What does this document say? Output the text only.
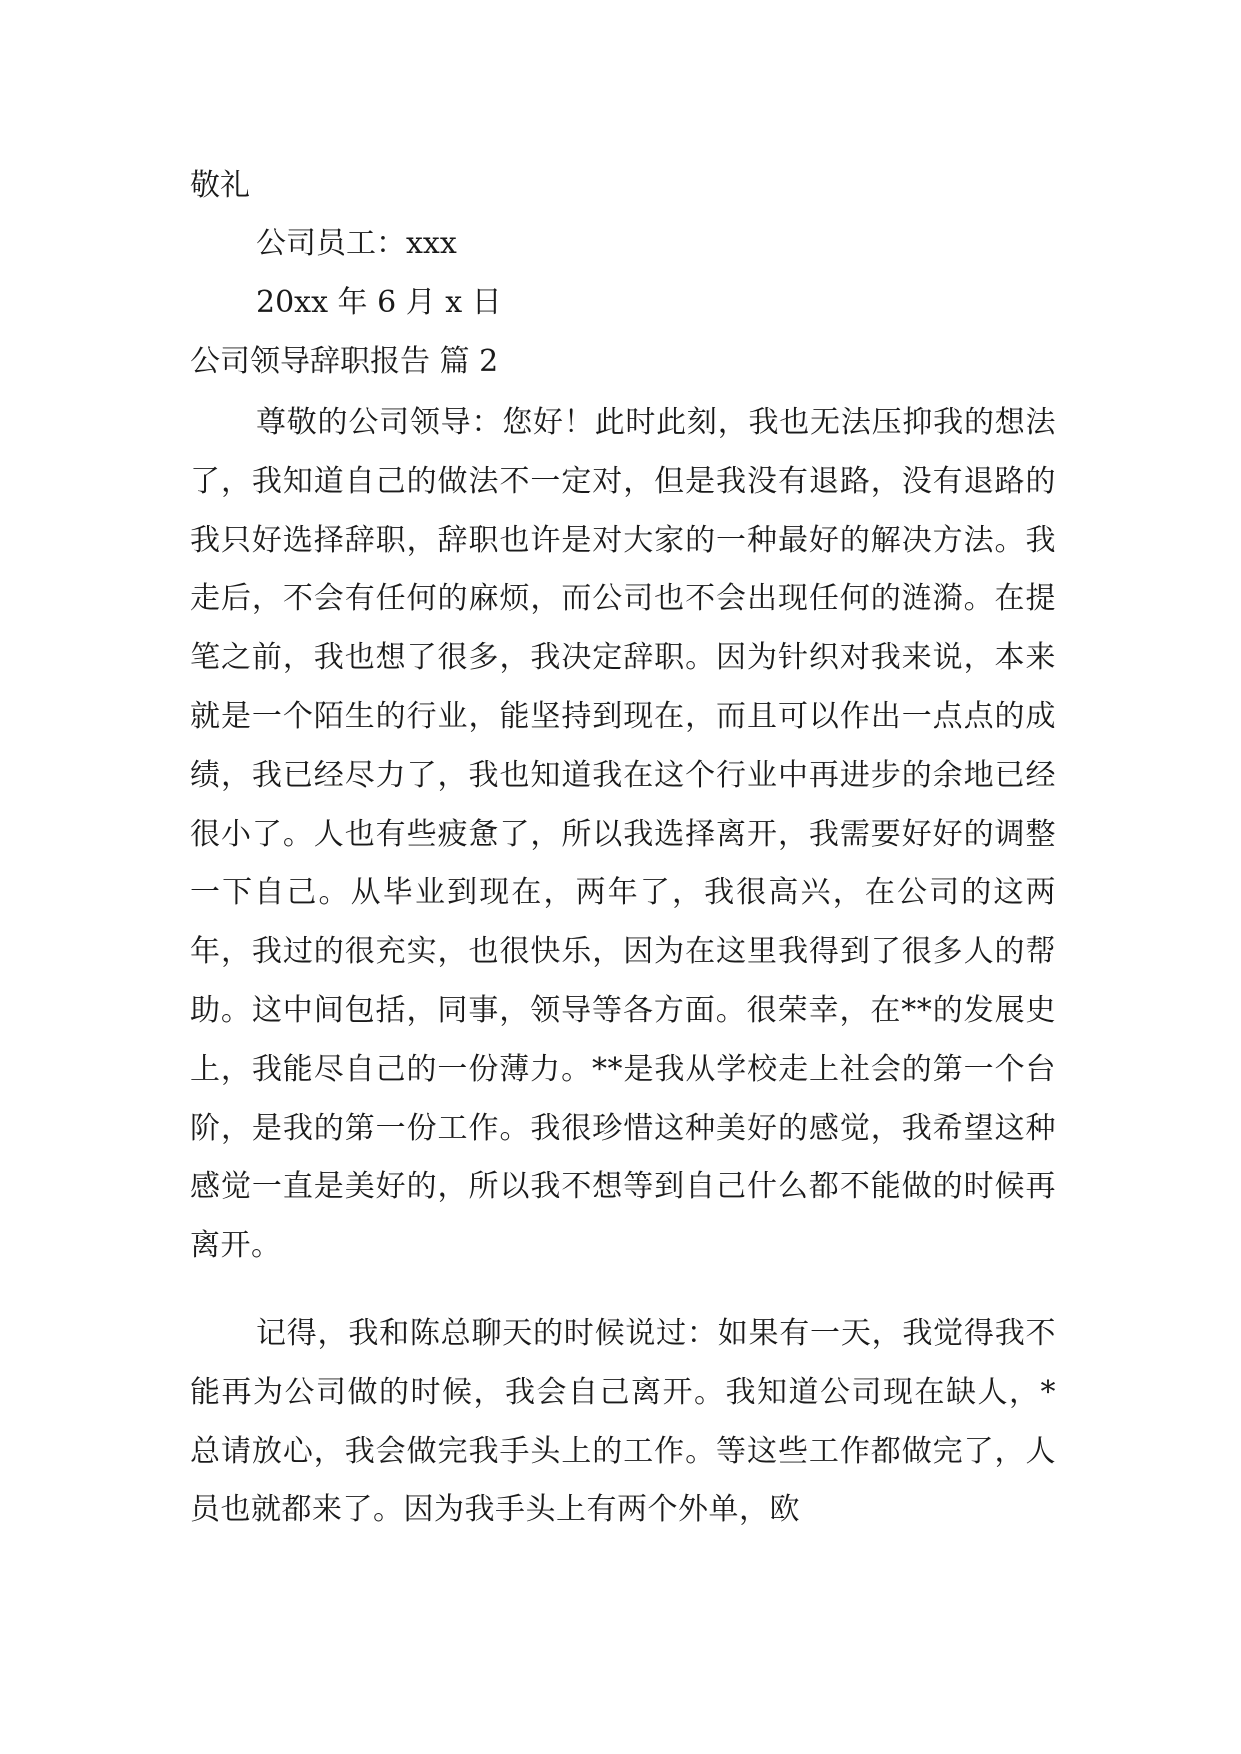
敬礼

公司员工：xxx

20xx 年 6 月 x 日

公司领导辞职报告 篇 2

尊敬的公司领导：您好！此时此刻，我也无法压抑我的想法了，我知道自己的做法不一定对，但是我没有退路，没有退路的我只好选择辞职，辞职也许是对大家的一种最好的解决方法。我走后，不会有任何的麻烦，而公司也不会出现任何的涟漪。在提笔之前，我也想了很多，我决定辞职。因为针织对我来说，本来就是一个陌生的行业，能坚持到现在，而且可以作出一点点的成绩，我已经尽力了，我也知道我在这个行业中再进步的余地已经很小了。人也有些疲惫了，所以我选择离开，我需要好好的调整一下自己。从毕业到现在，两年了，我很高兴，在公司的这两年，我过的很充实，也很快乐，因为在这里我得到了很多人的帮助。这中间包括，同事，领导等各方面。很荣幸，在**的发展史上，我能尽自己的一份薄力。**是我从学校走上社会的第一个台阶，是我的第一份工作。我很珍惜这种美好的感觉，我希望这种感觉一直是美好的，所以我不想等到自己什么都不能做的时候再离开。

记得，我和陈总聊天的时候说过：如果有一天，我觉得我不能再为公司做的时候，我会自己离开。我知道公司现在缺人，*总请放心，我会做完我手头上的工作。等这些工作都做完了，人员也就都来了。因为我手头上有两个外单，欧
